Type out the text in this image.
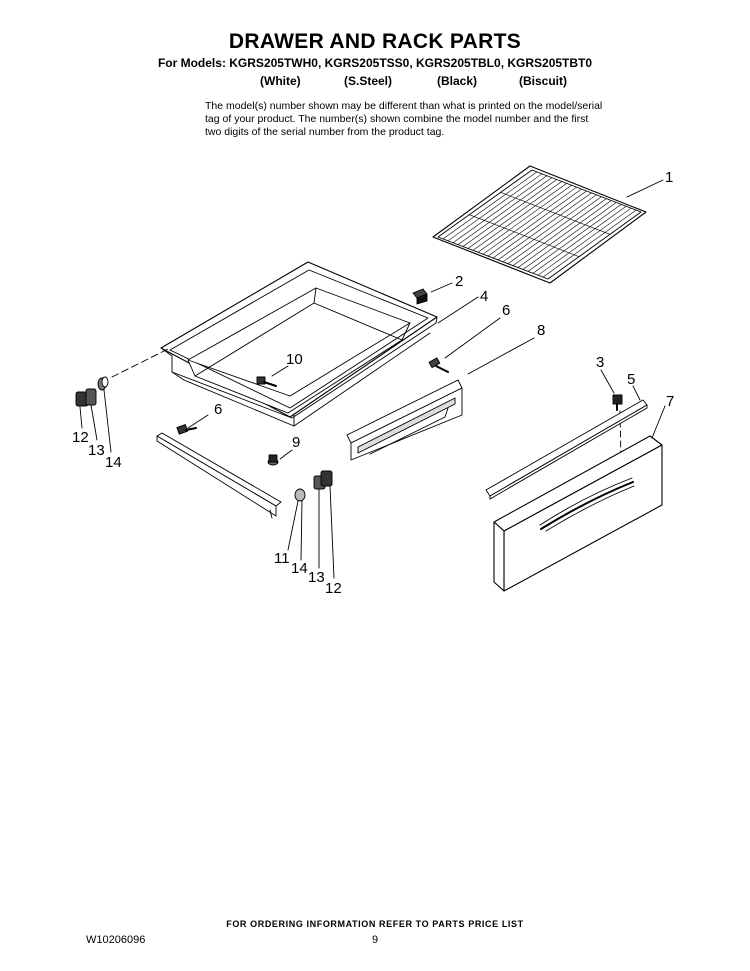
DRAWER AND RACK PARTS
For Models: KGRS205TWH0, KGRS205TSS0, KGRS205TBL0, KGRS205TBT0
(White)	(S.Steel)	(Black)	(Biscuit)
The model(s) number shown may be different than what is printed on the model/serial tag of your product. The number(s) shown combine the model number and the first two digits of the serial number from the product tag.
1
2
4
6
8
10	3
5
7
6
9
12
13
14
11
14
13
12
FOR ORDERING INFORMATION REFER TO PARTS PRICE LIST
W10206096	9
